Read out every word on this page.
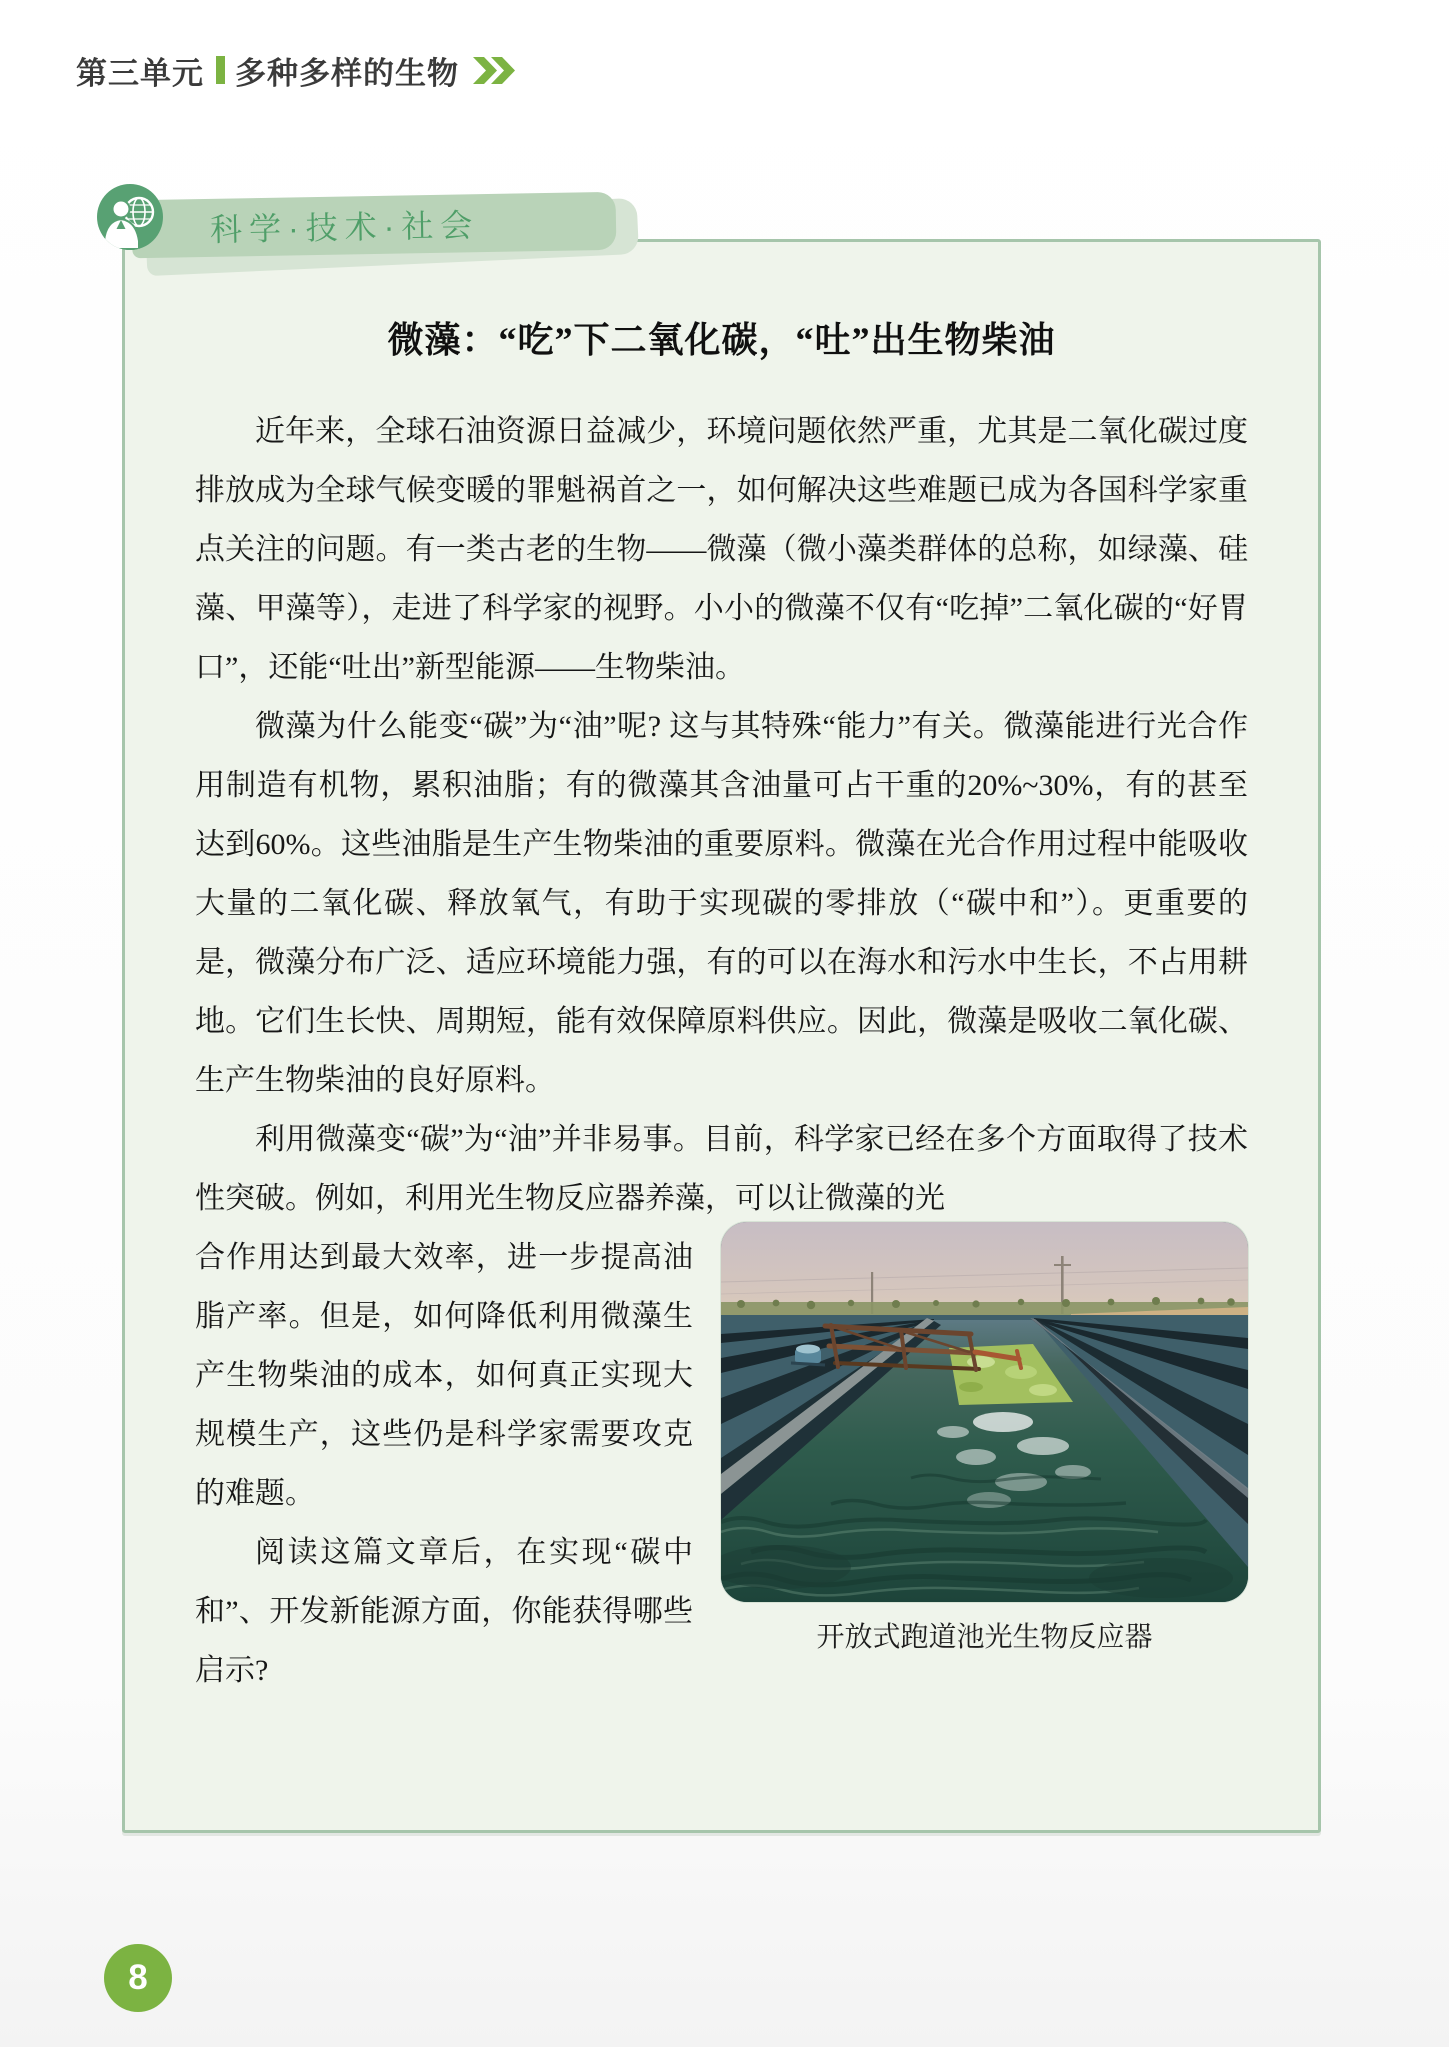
第三单元 多种多样的生物
科学·技术·社会
微藻：“吃”下二氧化碳，“吐”出生物柴油

近年来，全球石油资源日益减少，环境问题依然严重，尤其是二氧化碳过度排放成为全球气候变暖的罪魁祸首之一，如何解决这些难题已成为各国科学家重点关注的问题。有一类古老的生物——微藻（微小藻类群体的总称，如绿藻、硅藻、甲藻等），走进了科学家的视野。小小的微藻不仅有“吃掉”二氧化碳的“好胃口”，还能“吐出”新型能源——生物柴油。

微藻为什么能变“碳”为“油”呢? 这与其特殊“能力”有关。微藻能进行光合作用制造有机物，累积油脂；有的微藻其含油量可占干重的20%~30%，有的甚至达到60%。这些油脂是生产生物柴油的重要原料。微藻在光合作用过程中能吸收大量的二氧化碳、释放氧气，有助于实现碳的零排放（“碳中和”）。更重要的是，微藻分布广泛、适应环境能力强，有的可以在海水和污水中生长，不占用耕地。它们生长快、周期短，能有效保障原料供应。因此，微藻是吸收二氧化碳、生产生物柴油的良好原料。

利用微藻变“碳”为“油”并非易事。目前，科学家已经在多个方面取得了技术性突破。例如，利用光生物反应器养藻，可以让微藻的光

开放式跑道池光生物反应器

合作用达到最大效率，进一步提高油脂产率。但是，如何降低利用微藻生产生物柴油的成本，如何真正实现大规模生产，这些仍是科学家需要攻克的难题。

阅读这篇文章后，在实现“碳中和”、开发新能源方面，你能获得哪些启示?

8
